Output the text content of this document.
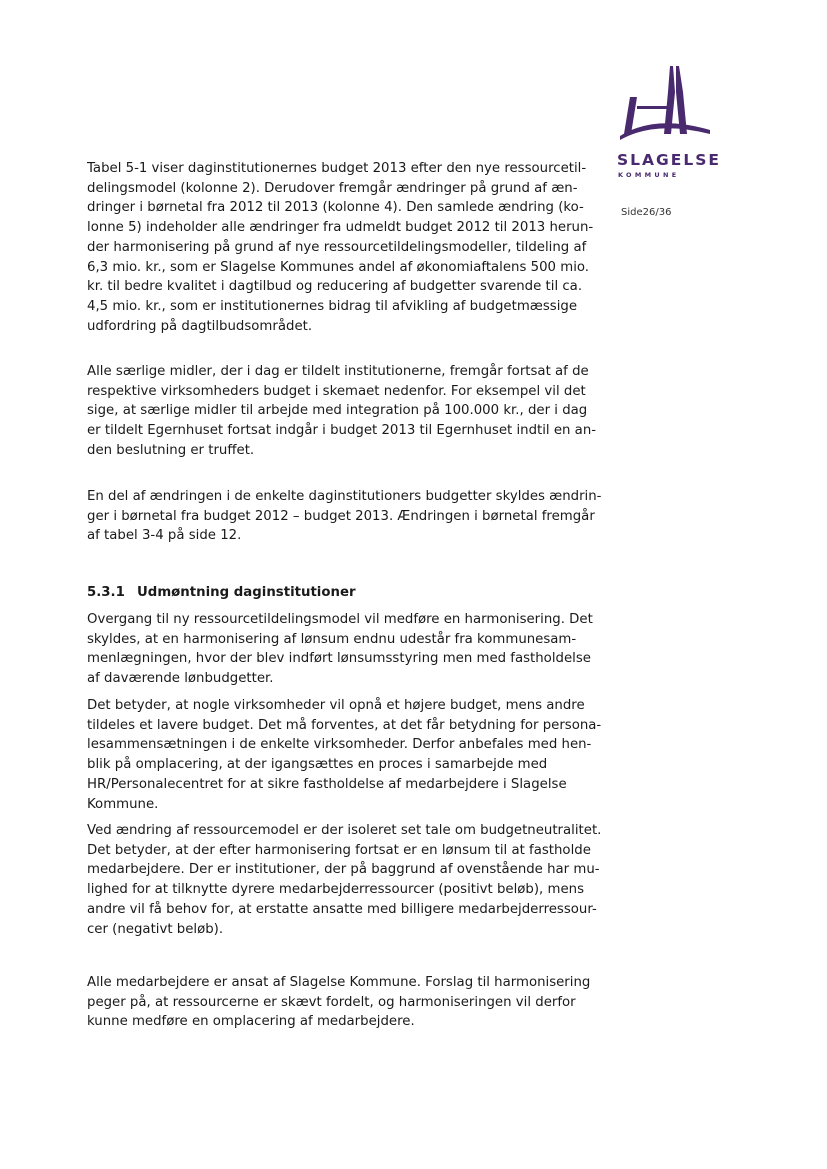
SLAGELSE
KOMMUNE
Side26/36

Tabel 5-1 viser daginstitutionernes budget 2013 efter den nye ressourcetil-
delingsmodel (kolonne 2). Derudover fremgår ændringer på grund af æn-
dringer i børnetal fra 2012 til 2013 (kolonne 4). Den samlede ændring (ko-
lonne 5) indeholder alle ændringer fra udmeldt budget 2012 til 2013 herun-
der harmonisering på grund af nye ressourcetildelingsmodeller, tildeling af
6,3 mio. kr., som er Slagelse Kommunes andel af økonomiaftalens 500 mio.
kr. til bedre kvalitet i dagtilbud og reducering af budgetter svarende til ca.
4,5 mio. kr., som er institutionernes bidrag til afvikling af budgetmæssige
udfordring på dagtilbudsområdet.

Alle særlige midler, der i dag er tildelt institutionerne, fremgår fortsat af de
respektive virksomheders budget i skemaet nedenfor. For eksempel vil det
sige, at særlige midler til arbejde med integration på 100.000 kr., der i dag
er tildelt Egernhuset fortsat indgår i budget 2013 til Egernhuset indtil en an-
den beslutning er truffet.

En del af ændringen i de enkelte daginstitutioners budgetter skyldes ændrin-
ger i børnetal fra budget 2012 – budget 2013. Ændringen i børnetal fremgår
af tabel 3-4 på side 12.

5.3.1 Udmøntning daginstitutioner

Overgang til ny ressourcetildelingsmodel vil medføre en harmonisering. Det
skyldes, at en harmonisering af lønsum endnu udestår fra kommunesam-
menlægningen, hvor der blev indført lønsumsstyring men med fastholdelse
af daværende lønbudgetter.

Det betyder, at nogle virksomheder vil opnå et højere budget, mens andre
tildeles et lavere budget. Det må forventes, at det får betydning for persona-
lesammensætningen i de enkelte virksomheder. Derfor anbefales med hen-
blik på omplacering, at der igangsættes en proces i samarbejde med
HR/Personalecentret for at sikre fastholdelse af medarbejdere i Slagelse
Kommune.

Ved ændring af ressourcemodel er der isoleret set tale om budgetneutralitet.
Det betyder, at der efter harmonisering fortsat er en lønsum til at fastholde
medarbejdere. Der er institutioner, der på baggrund af ovenstående har mu-
lighed for at tilknytte dyrere medarbejderressourcer (positivt beløb), mens
andre vil få behov for, at erstatte ansatte med billigere medarbejderressour-
cer (negativt beløb).

Alle medarbejdere er ansat af Slagelse Kommune. Forslag til harmonisering
peger på, at ressourcerne er skævt fordelt, og harmoniseringen vil derfor
kunne medføre en omplacering af medarbejdere.
